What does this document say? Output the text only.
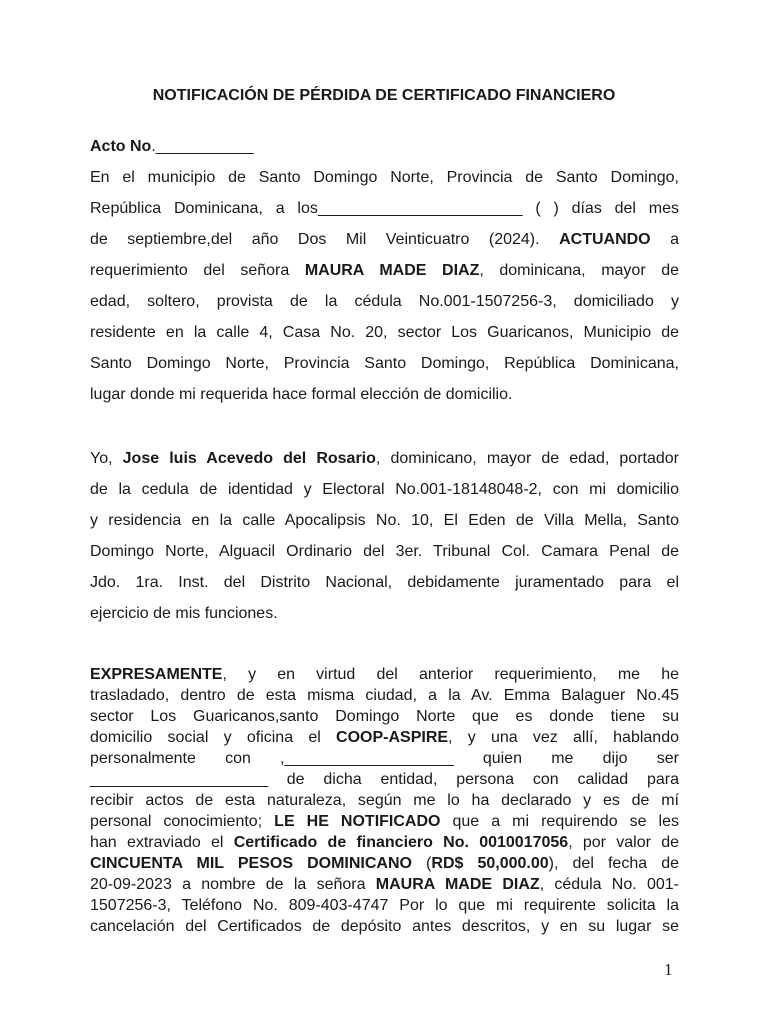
NOTIFICACIÓN DE PÉRDIDA DE CERTIFICADO FINANCIERO
Acto No.___________
En el municipio de Santo Domingo Norte, Provincia de Santo Domingo,
República Dominicana, a los_______________________ ( ) días del mes
de septiembre,del año Dos Mil Veinticuatro (2024). ACTUANDO a
requerimiento del señora MAURA MADE DIAZ, dominicana, mayor de
edad, soltero, provista de la cédula No.001-1507256-3, domiciliado y
residente en la calle 4, Casa No. 20, sector Los Guaricanos, Municipio de
Santo Domingo Norte, Provincia Santo Domingo, República Dominicana,
lugar donde mi requerida hace formal elección de domicilio.
Yo, Jose luis Acevedo del Rosario, dominicano, mayor de edad, portador
de la cedula de identidad y Electoral No.001-18148048-2, con mi domicilio
y residencia en la calle Apocalipsis No. 10, El Eden de Villa Mella, Santo
Domingo Norte, Alguacil Ordinario del 3er. Tribunal Col. Camara Penal de
Jdo. 1ra. Inst. del Distrito Nacional, debidamente juramentado para el
ejercicio de mis funciones.
EXPRESAMENTE, y en virtud del anterior requerimiento, me he
trasladado, dentro de esta misma ciudad, a la Av. Emma Balaguer No.45
sector Los Guaricanos,santo Domingo Norte que es donde tiene su
domicilio social y oficina el COOP-ASPIRE, y una vez allí, hablando
personalmente con ,___________________ quien me dijo ser
____________________ de dicha entidad, persona con calidad para
recibir actos de esta naturaleza, según me lo ha declarado y es de mí
personal conocimiento; LE HE NOTIFICADO que a mi requirendo se les
han extraviado el Certificado de financiero No. 0010017056, por valor de
CINCUENTA MIL PESOS DOMINICANO (RD$ 50,000.00), del fecha de
20-09-2023 a nombre de la señora MAURA MADE DIAZ, cédula No. 001-
1507256-3, Teléfono No. 809-403-4747 Por lo que mi requirente solicita la
cancelación del Certificados de depósito antes descritos, y en su lugar se
1
